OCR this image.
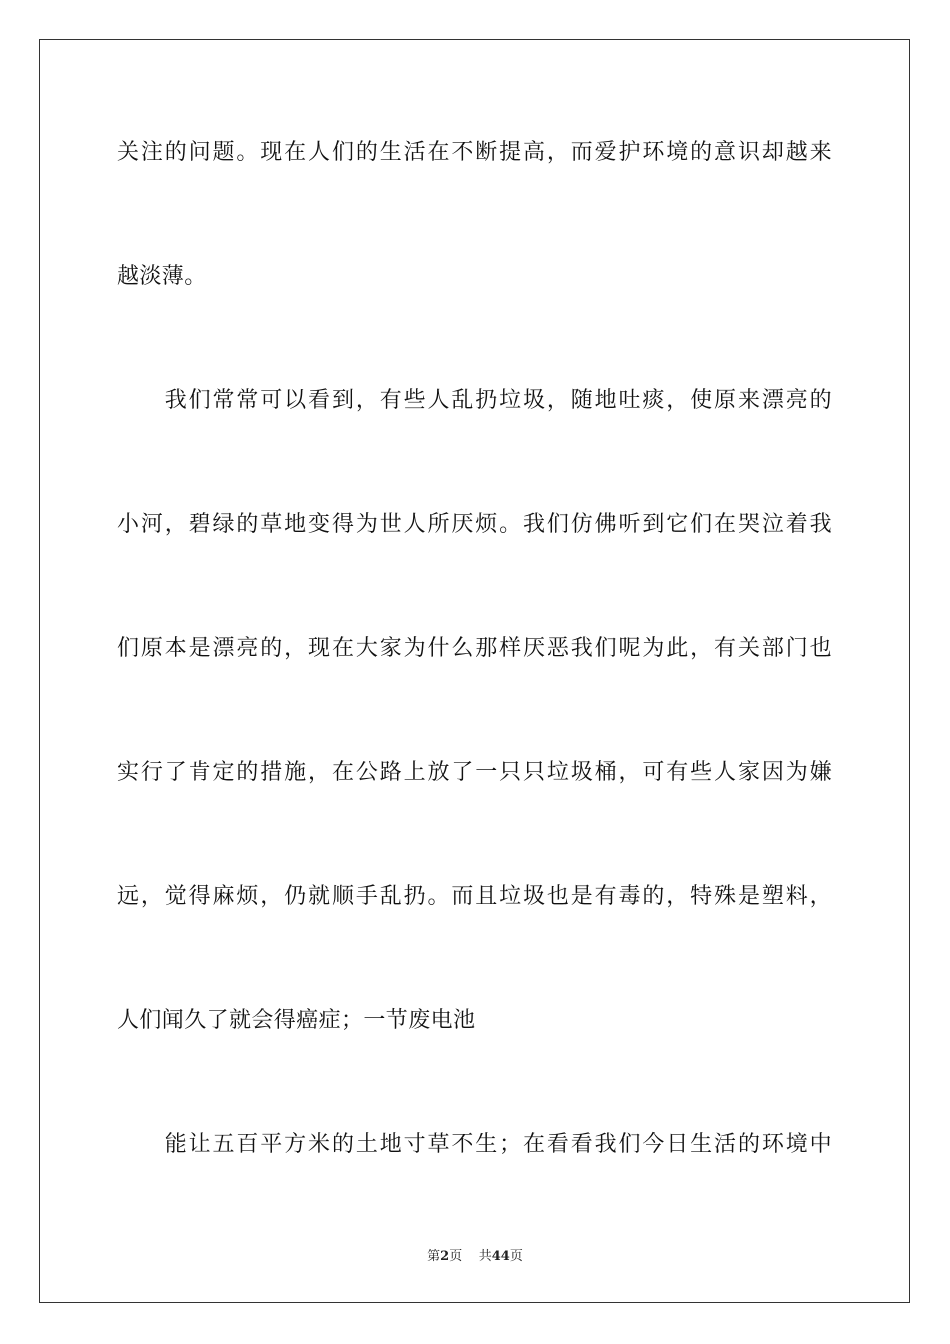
关注的问题。现在人们的生活在不断提高，而爱护环境的意识却越来
越淡薄。
　　我们常常可以看到，有些人乱扔垃圾，随地吐痰，使原来漂亮的
小河，碧绿的草地变得为世人所厌烦。我们仿佛听到它们在哭泣着我
们原本是漂亮的，现在大家为什么那样厌恶我们呢为此，有关部门也
实行了肯定的措施，在公路上放了一只只垃圾桶，可有些人家因为嫌
远，觉得麻烦，仍就顺手乱扔。而且垃圾也是有毒的，特殊是塑料，
人们闻久了就会得癌症；一节废电池
　　能让五百平方米的土地寸草不生；在看看我们今日生活的环境中
第2页 共44页
